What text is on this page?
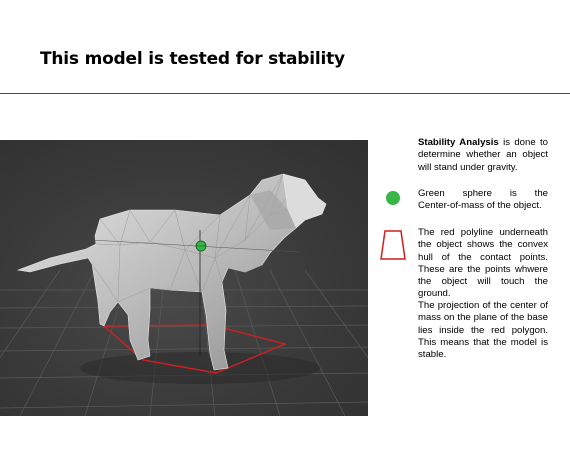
This model is tested for stability
Stability Analysis is done to determine whether an object will stand under gravity.
Green sphere is the
Center-of-mass of the object.
The red polyline underneath the object shows the convex hull of the contact points. These are the points whwere the object will touch the ground.
The projection of the center of mass on the plane of the base lies inside the red polygon. This means that the model is stable.
